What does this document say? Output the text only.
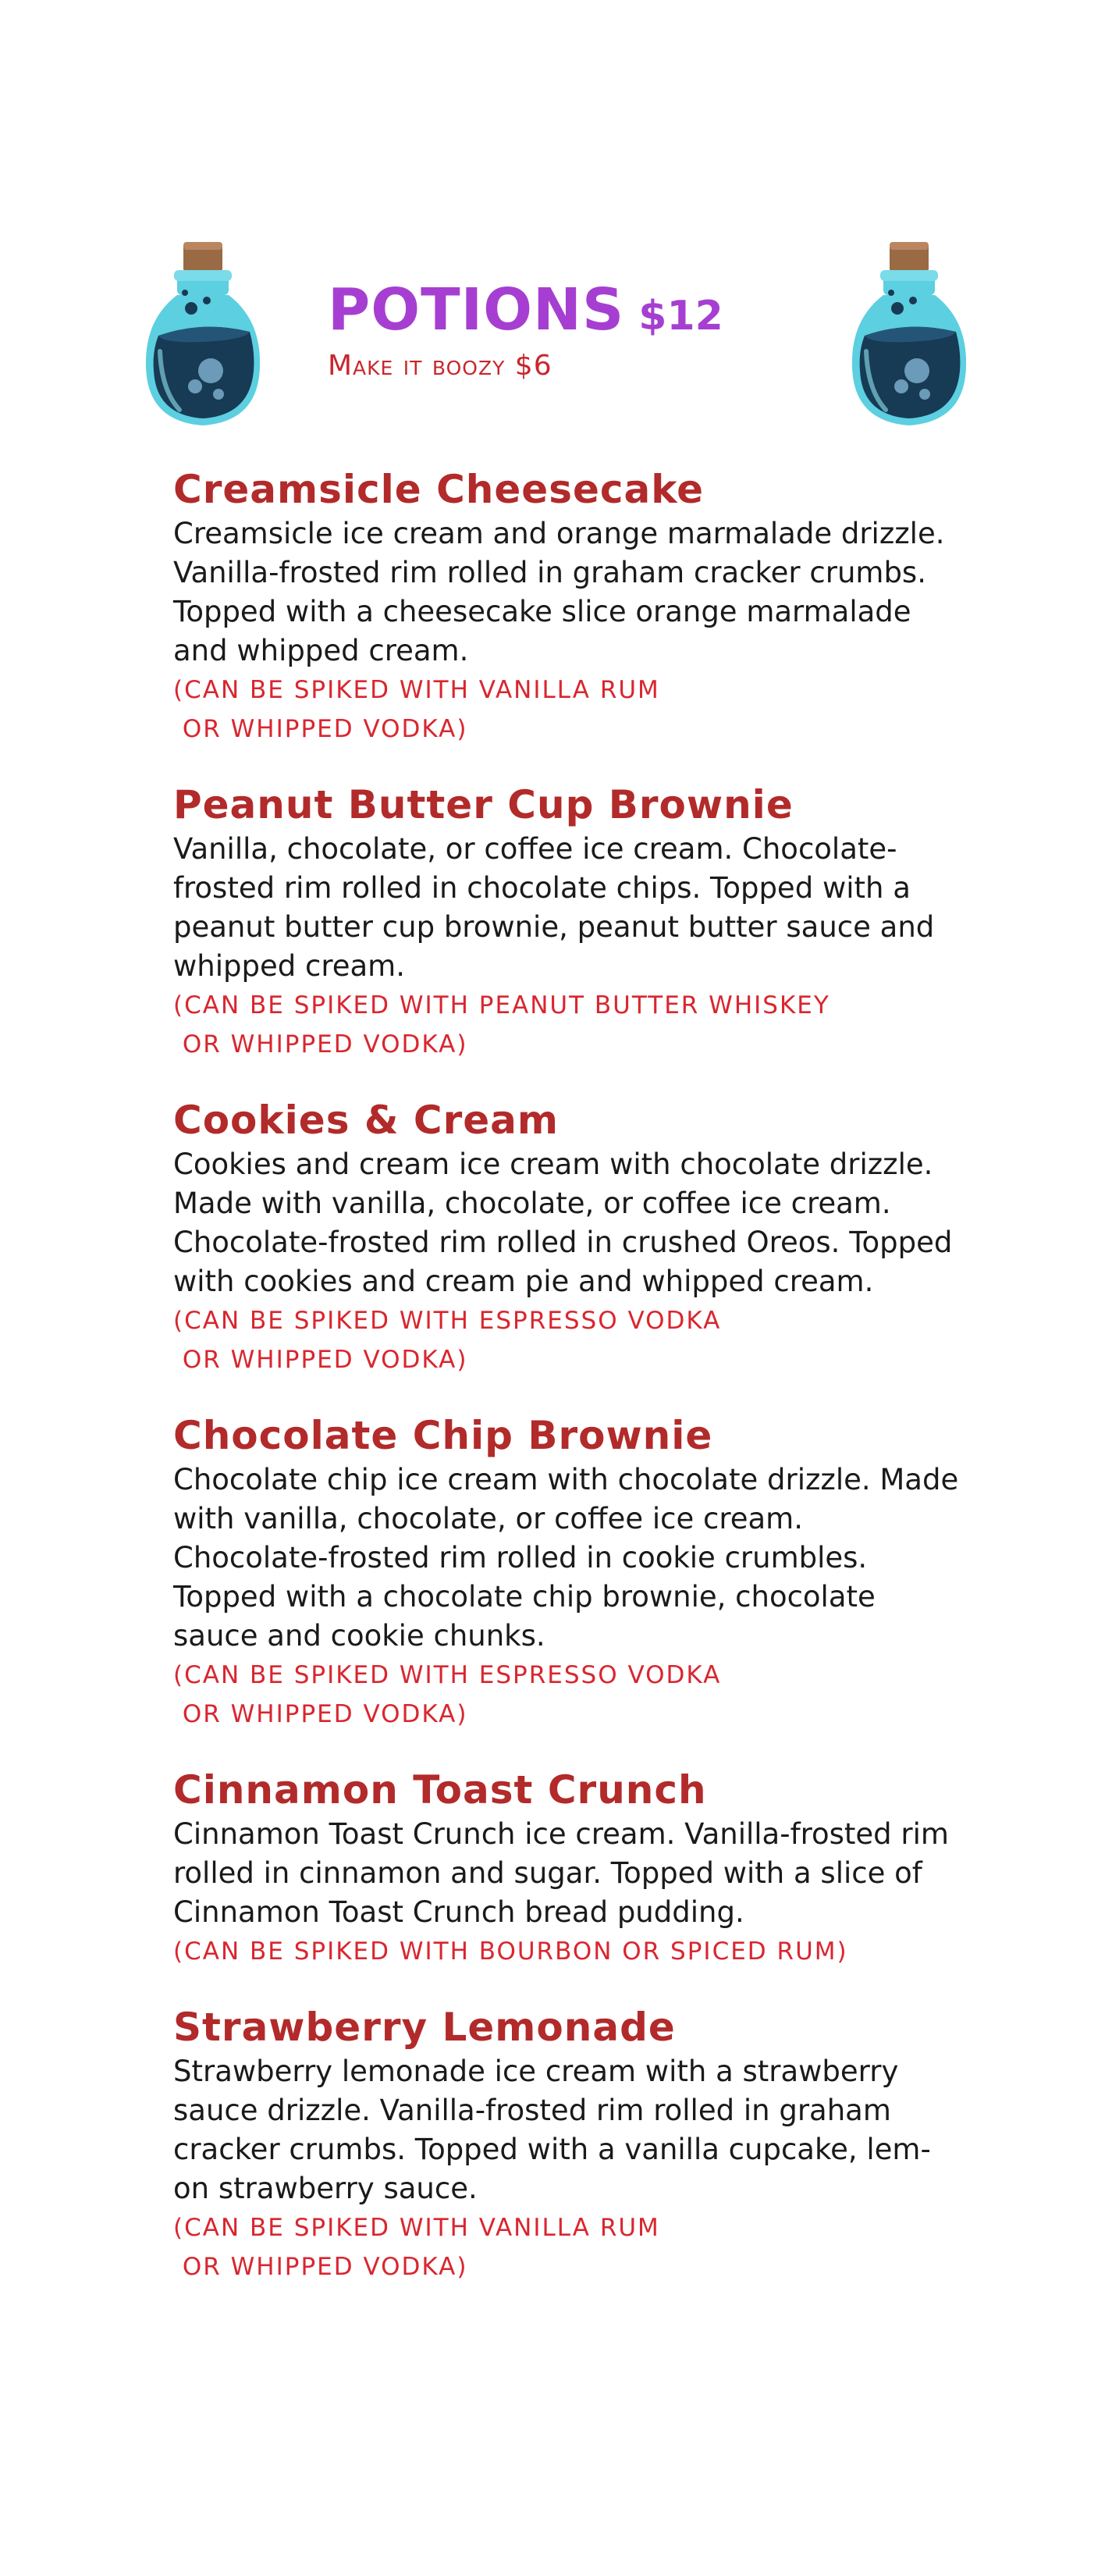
POTIONS $12
Make it boozy $6
Creamsicle Cheesecake
Creamsicle ice cream and orange marmalade drizzle. Vanilla-frosted rim rolled in graham cracker crumbs. Topped with a cheesecake slice orange marmalade and whipped cream.
(CAN BE SPIKED WITH VANILLA RUM
OR WHIPPED VODKA)
Peanut Butter Cup Brownie
Vanilla, chocolate, or coffee ice cream. Chocolate-frosted rim rolled in chocolate chips. Topped with a peanut butter cup brownie, peanut butter sauce and whipped cream.
(CAN BE SPIKED WITH PEANUT BUTTER WHISKEY
OR WHIPPED VODKA)
Cookies & Cream
Cookies and cream ice cream with chocolate drizzle. Made with vanilla, chocolate, or coffee ice cream. Chocolate-frosted rim rolled in crushed Oreos. Topped with cookies and cream pie and whipped cream.
(CAN BE SPIKED WITH ESPRESSO VODKA
OR WHIPPED VODKA)
Chocolate Chip Brownie
Chocolate chip ice cream with chocolate drizzle. Made with vanilla, chocolate, or coffee ice cream. Chocolate-frosted rim rolled in cookie crumbles. Topped with a chocolate chip brownie, chocolate sauce and cookie chunks.
(CAN BE SPIKED WITH ESPRESSO VODKA
OR WHIPPED VODKA)
Cinnamon Toast Crunch
Cinnamon Toast Crunch ice cream. Vanilla-frosted rim rolled in cinnamon and sugar. Topped with a slice of Cinnamon Toast Crunch bread pudding.
(CAN BE SPIKED WITH BOURBON OR SPICED RUM)
Strawberry Lemonade
Strawberry lemonade ice cream with a strawberry sauce drizzle. Vanilla-frosted rim rolled in graham cracker crumbs. Topped with a vanilla cupcake, lem-on strawberry sauce.
(CAN BE SPIKED WITH VANILLA RUM
OR WHIPPED VODKA)
